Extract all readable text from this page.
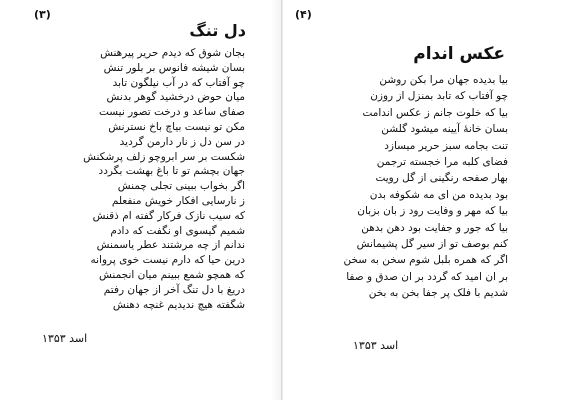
(۳)
دل تنگ
بجان شوق که دیدم حریر پیرهنش
بسان شیشه فانوس بر بلور تنش
چو آفتاب که در آب نیلگون تابد
میان حوض درخشید گوهر بدنش
صفای ساعد و درخت تصور نیست
مکن تو نیست بیاچ باخ نسترنش
در سن دل ز نار دارمن گردید
شکست بر سر ابروچو زلف پرشکنش
جهان بچشم تو تا باغ بهشت بگردد
اگر بخواب ببینی تجلی چمنش
ز نارسایی افکار خویش منفعلم
که سیب نازک فرکار گفته ام ذقنش
شمیم گیسوی او نگفت که دادم
ندانم از چه مرشتند عطر یاسمنش
درین حیا که دارم نیست خوی پروانه
که همچو شمع ببینم میان انجمنش
دریغ با دل تنگ آخر از جهان رفتم
شگفته هیچ ندیدیم غنچه دهنش
اسد ۱۳۵۳
(۴)
عکس اندام
بیا بدیده جهان مرا بکن روشن
چو آفتاب که تابد بمنزل از روزن
بیا که خلوت جانم ز عکس اندامت
بسان خانهٔ آیینه میشود گلشن
تنت بجامه سبز حریر میسازد
فضای کلبه مرا خجسته ترجمن
بهار صفحه رنگینی از گل رویت
بود بدیده من ای مه شکوفه بدن
بیا که مهر و وفایت رود ز بان بزبان
بیا که جور و جفایت بود دهن بدهن
کنم بوصف تو از سیر گل پشیمانش
اگر که همره بلبل شوم سخن به سخن
بر ان امید که گردد بر ان صدق و صفا
شدیم با فلک پر جفا بخن به بخن
اسد ۱۳۵۳
